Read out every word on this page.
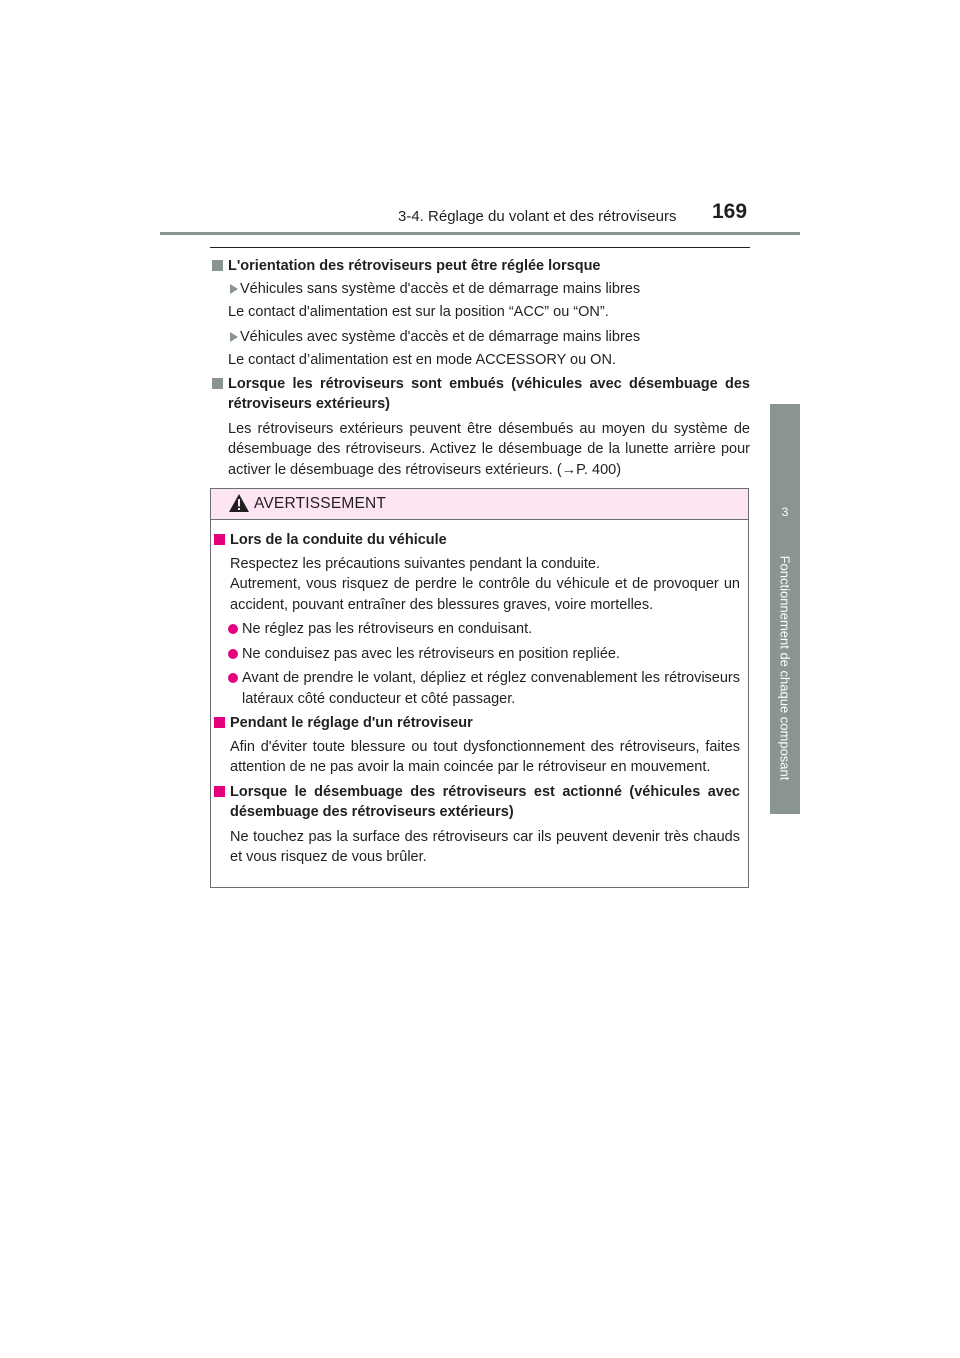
3-4. Réglage du volant et des rétroviseurs 169
3
Fonctionnement de chaque composant

L'orientation des rétroviseurs peut être réglée lorsque

Véhicules sans système d'accès et de démarrage mains libres

Le contact d'alimentation est sur la position “ACC” ou “ON”.

Véhicules avec système d'accès et de démarrage mains libres

Le contact d’alimentation est en mode ACCESSORY ou ON.

Lorsque les rétroviseurs sont embués (véhicules avec désembuage des rétroviseurs extérieurs)

Les rétroviseurs extérieurs peuvent être désembués au moyen du système de désembuage des rétroviseurs. Activez le désembuage de la lunette arrière pour activer le désembuage des rétroviseurs extérieurs. (→P. 400)

AVERTISSEMENT

Lors de la conduite du véhicule

Respectez les précautions suivantes pendant la conduite.

Autrement, vous risquez de perdre le contrôle du véhicule et de provoquer un accident, pouvant entraîner des blessures graves, voire mortelles.

Ne réglez pas les rétroviseurs en conduisant.

Ne conduisez pas avec les rétroviseurs en position repliée.

Avant de prendre le volant, dépliez et réglez convenablement les rétroviseurs latéraux côté conducteur et côté passager.

Pendant le réglage d'un rétroviseur

Afin d'éviter toute blessure ou tout dysfonctionnement des rétroviseurs, faites attention de ne pas avoir la main coincée par le rétroviseur en mouvement.

Lorsque le désembuage des rétroviseurs est actionné (véhicules avec désembuage des rétroviseurs extérieurs)

Ne touchez pas la surface des rétroviseurs car ils peuvent devenir très chauds et vous risquez de vous brûler.
